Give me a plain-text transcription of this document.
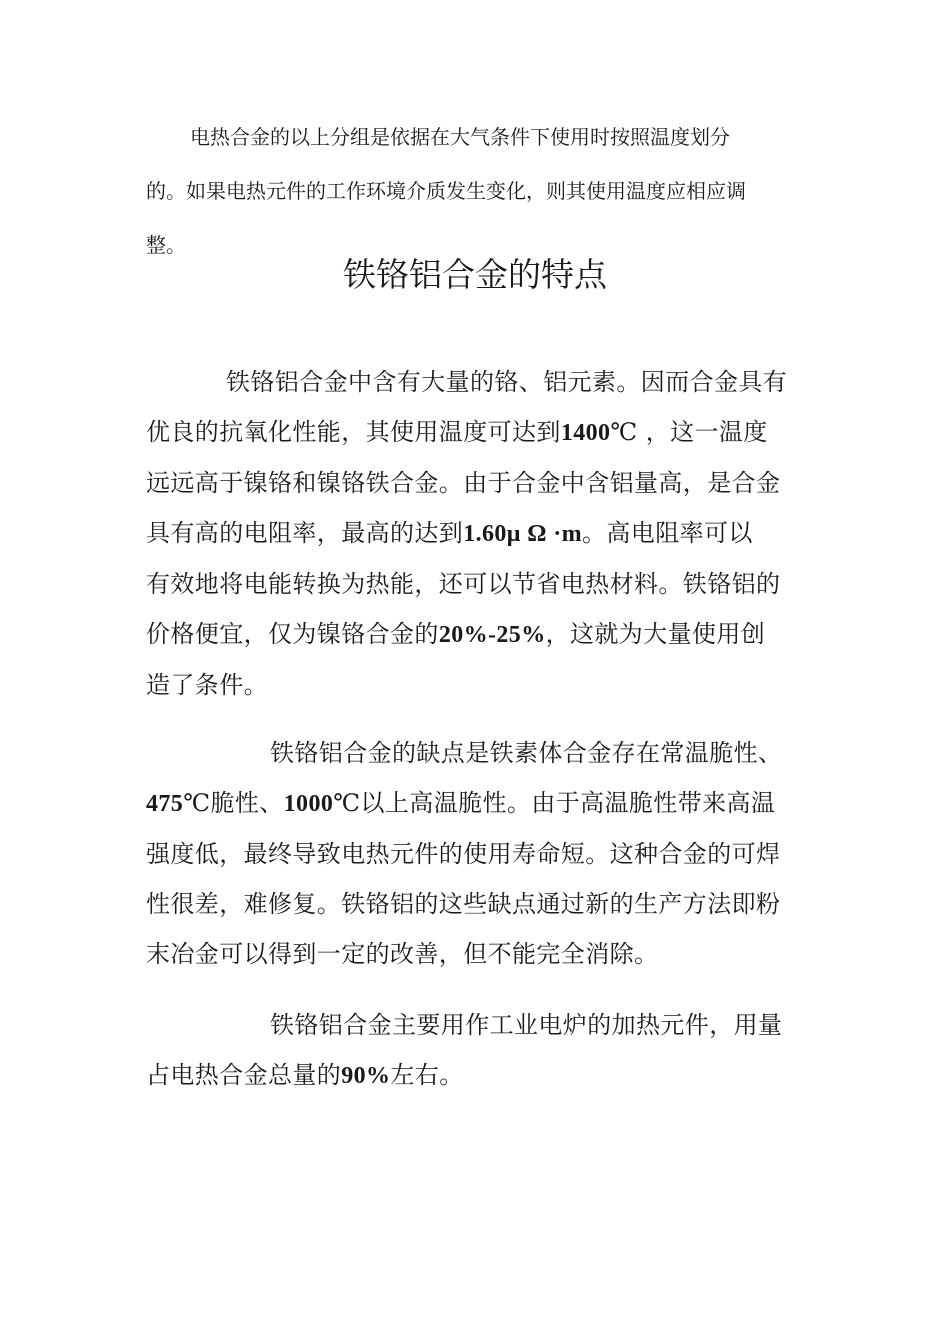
电热合金的以上分组是依据在大气条件下使用时按照温度划分
的。如果电热元件的工作环境介质发生变化，则其使用温度应相应调
整。

铁铬铝合金的特点

铁铬铝合金中含有大量的铬、铝元素。因而合金具有
优良的抗氧化性能，其使用温度可达到1400℃ ，这一温度
远远高于镍铬和镍铬铁合金。由于合金中含铝量高，是合金
具有高的电阻率，最高的达到1.60μ Ω ·m。高电阻率可以
有效地将电能转换为热能，还可以节省电热材料。铁铬铝的
价格便宜，仅为镍铬合金的20%-25%，这就为大量使用创
造了条件。

铁铬铝合金的缺点是铁素体合金存在常温脆性、
475℃脆性、1000℃以上高温脆性。由于高温脆性带来高温
强度低，最终导致电热元件的使用寿命短。这种合金的可焊
性很差，难修复。铁铬铝的这些缺点通过新的生产方法即粉
末冶金可以得到一定的改善，但不能完全消除。

铁铬铝合金主要用作工业电炉的加热元件，用量
占电热合金总量的90%左右。
